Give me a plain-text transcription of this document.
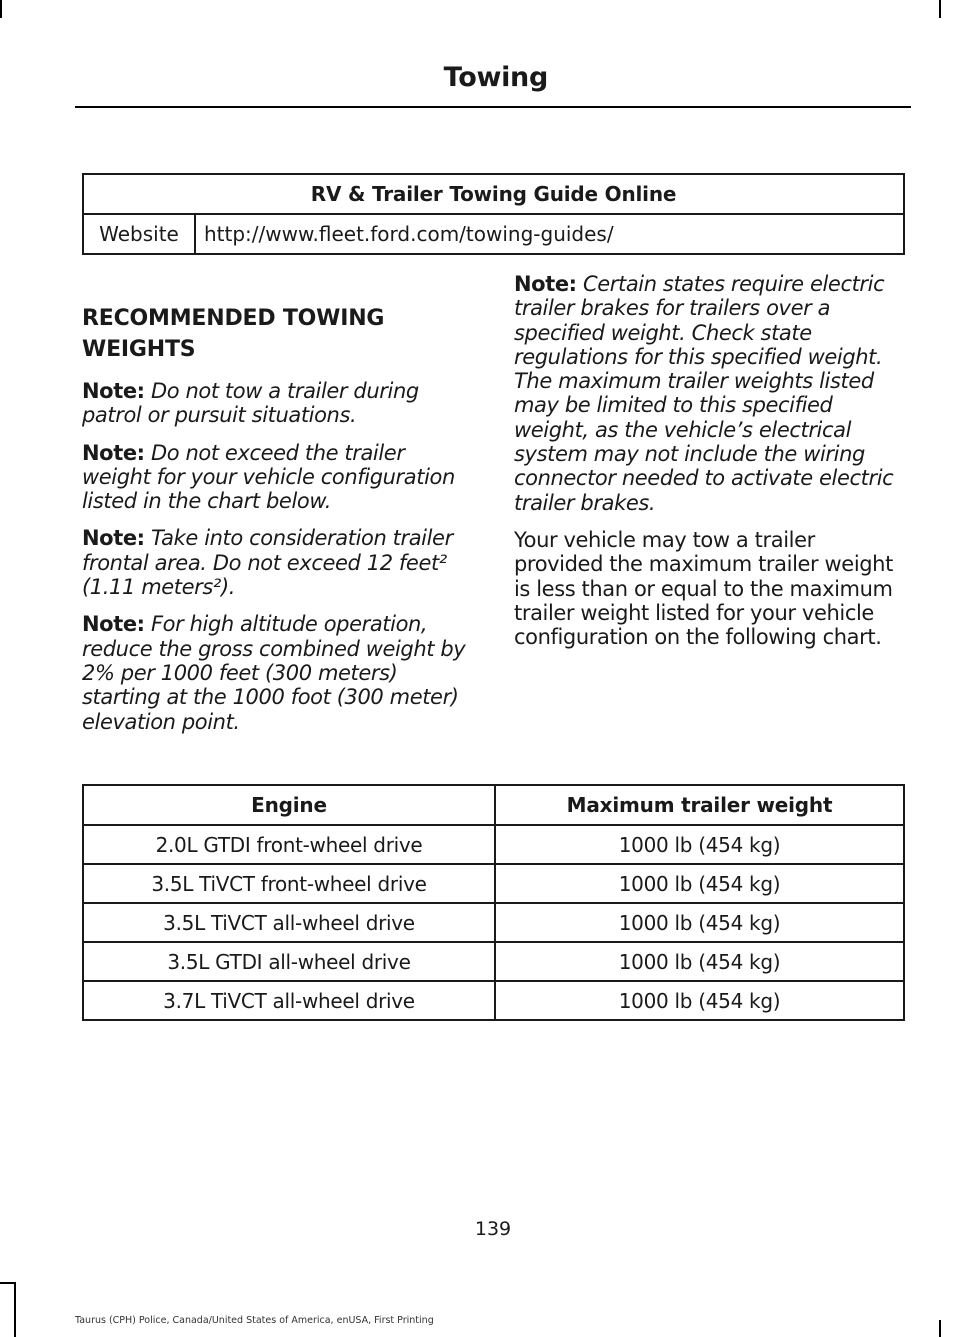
Towing
RV & Trailer Towing Guide Online
Website	http://www.fleet.ford.com/towing-guides/
RECOMMENDED TOWING
WEIGHTS

Note: Do not tow a trailer during patrol or pursuit situations.

Note: Do not exceed the trailer weight for your vehicle configuration listed in the chart below.

Note: Take into consideration trailer frontal area. Do not exceed 12 feet² (1.11 meters²).

Note: For high altitude operation, reduce the gross combined weight by 2% per 1000 feet (300 meters) starting at the 1000 foot (300 meter) elevation point.

Note: Certain states require electric trailer brakes for trailers over a specified weight. Check state regulations for this specified weight. The maximum trailer weights listed may be limited to this specified weight, as the vehicle’s electrical system may not include the wiring connector needed to activate electric trailer brakes.

Your vehicle may tow a trailer provided the maximum trailer weight is less than or equal to the maximum trailer weight listed for your vehicle configuration on the following chart.

Engine	Maximum trailer weight
2.0L GTDI front-wheel drive	1000 lb (454 kg)
3.5L TiVCT front-wheel drive	1000 lb (454 kg)
3.5L TiVCT all-wheel drive	1000 lb (454 kg)
3.5L GTDI all-wheel drive	1000 lb (454 kg)
3.7L TiVCT all-wheel drive	1000 lb (454 kg)
139
Taurus (CPH) Police, Canada/United States of America, enUSA, First Printing
